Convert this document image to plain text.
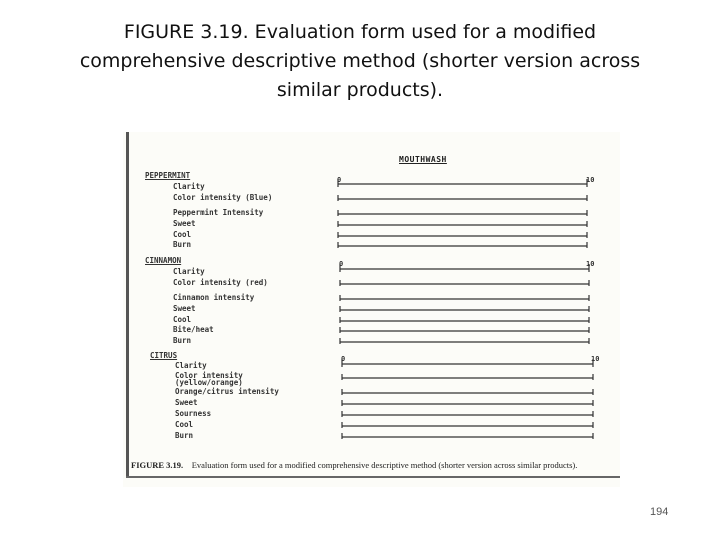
FIGURE 3.19. Evaluation form used for a modified
comprehensive descriptive method (shorter version across
similar products).
MOUTHWASH
PEPPERMINT	0	10
Clarity
Color intensity (Blue)
Peppermint Intensity
Sweet
Cool
Burn
CINNAMON	0	10
Clarity
Color intensity (red)
Cinnamon intensity
Sweet
Cool
Bite/heat
Burn
CITRUS	0	10
Clarity
Color intensity (yellow/orange)
Orange/citrus intensity
Sweet
Sourness
Cool
Burn
FIGURE 3.19. Evaluation form used for a modified comprehensive descriptive method (shorter version across similar products).
194
